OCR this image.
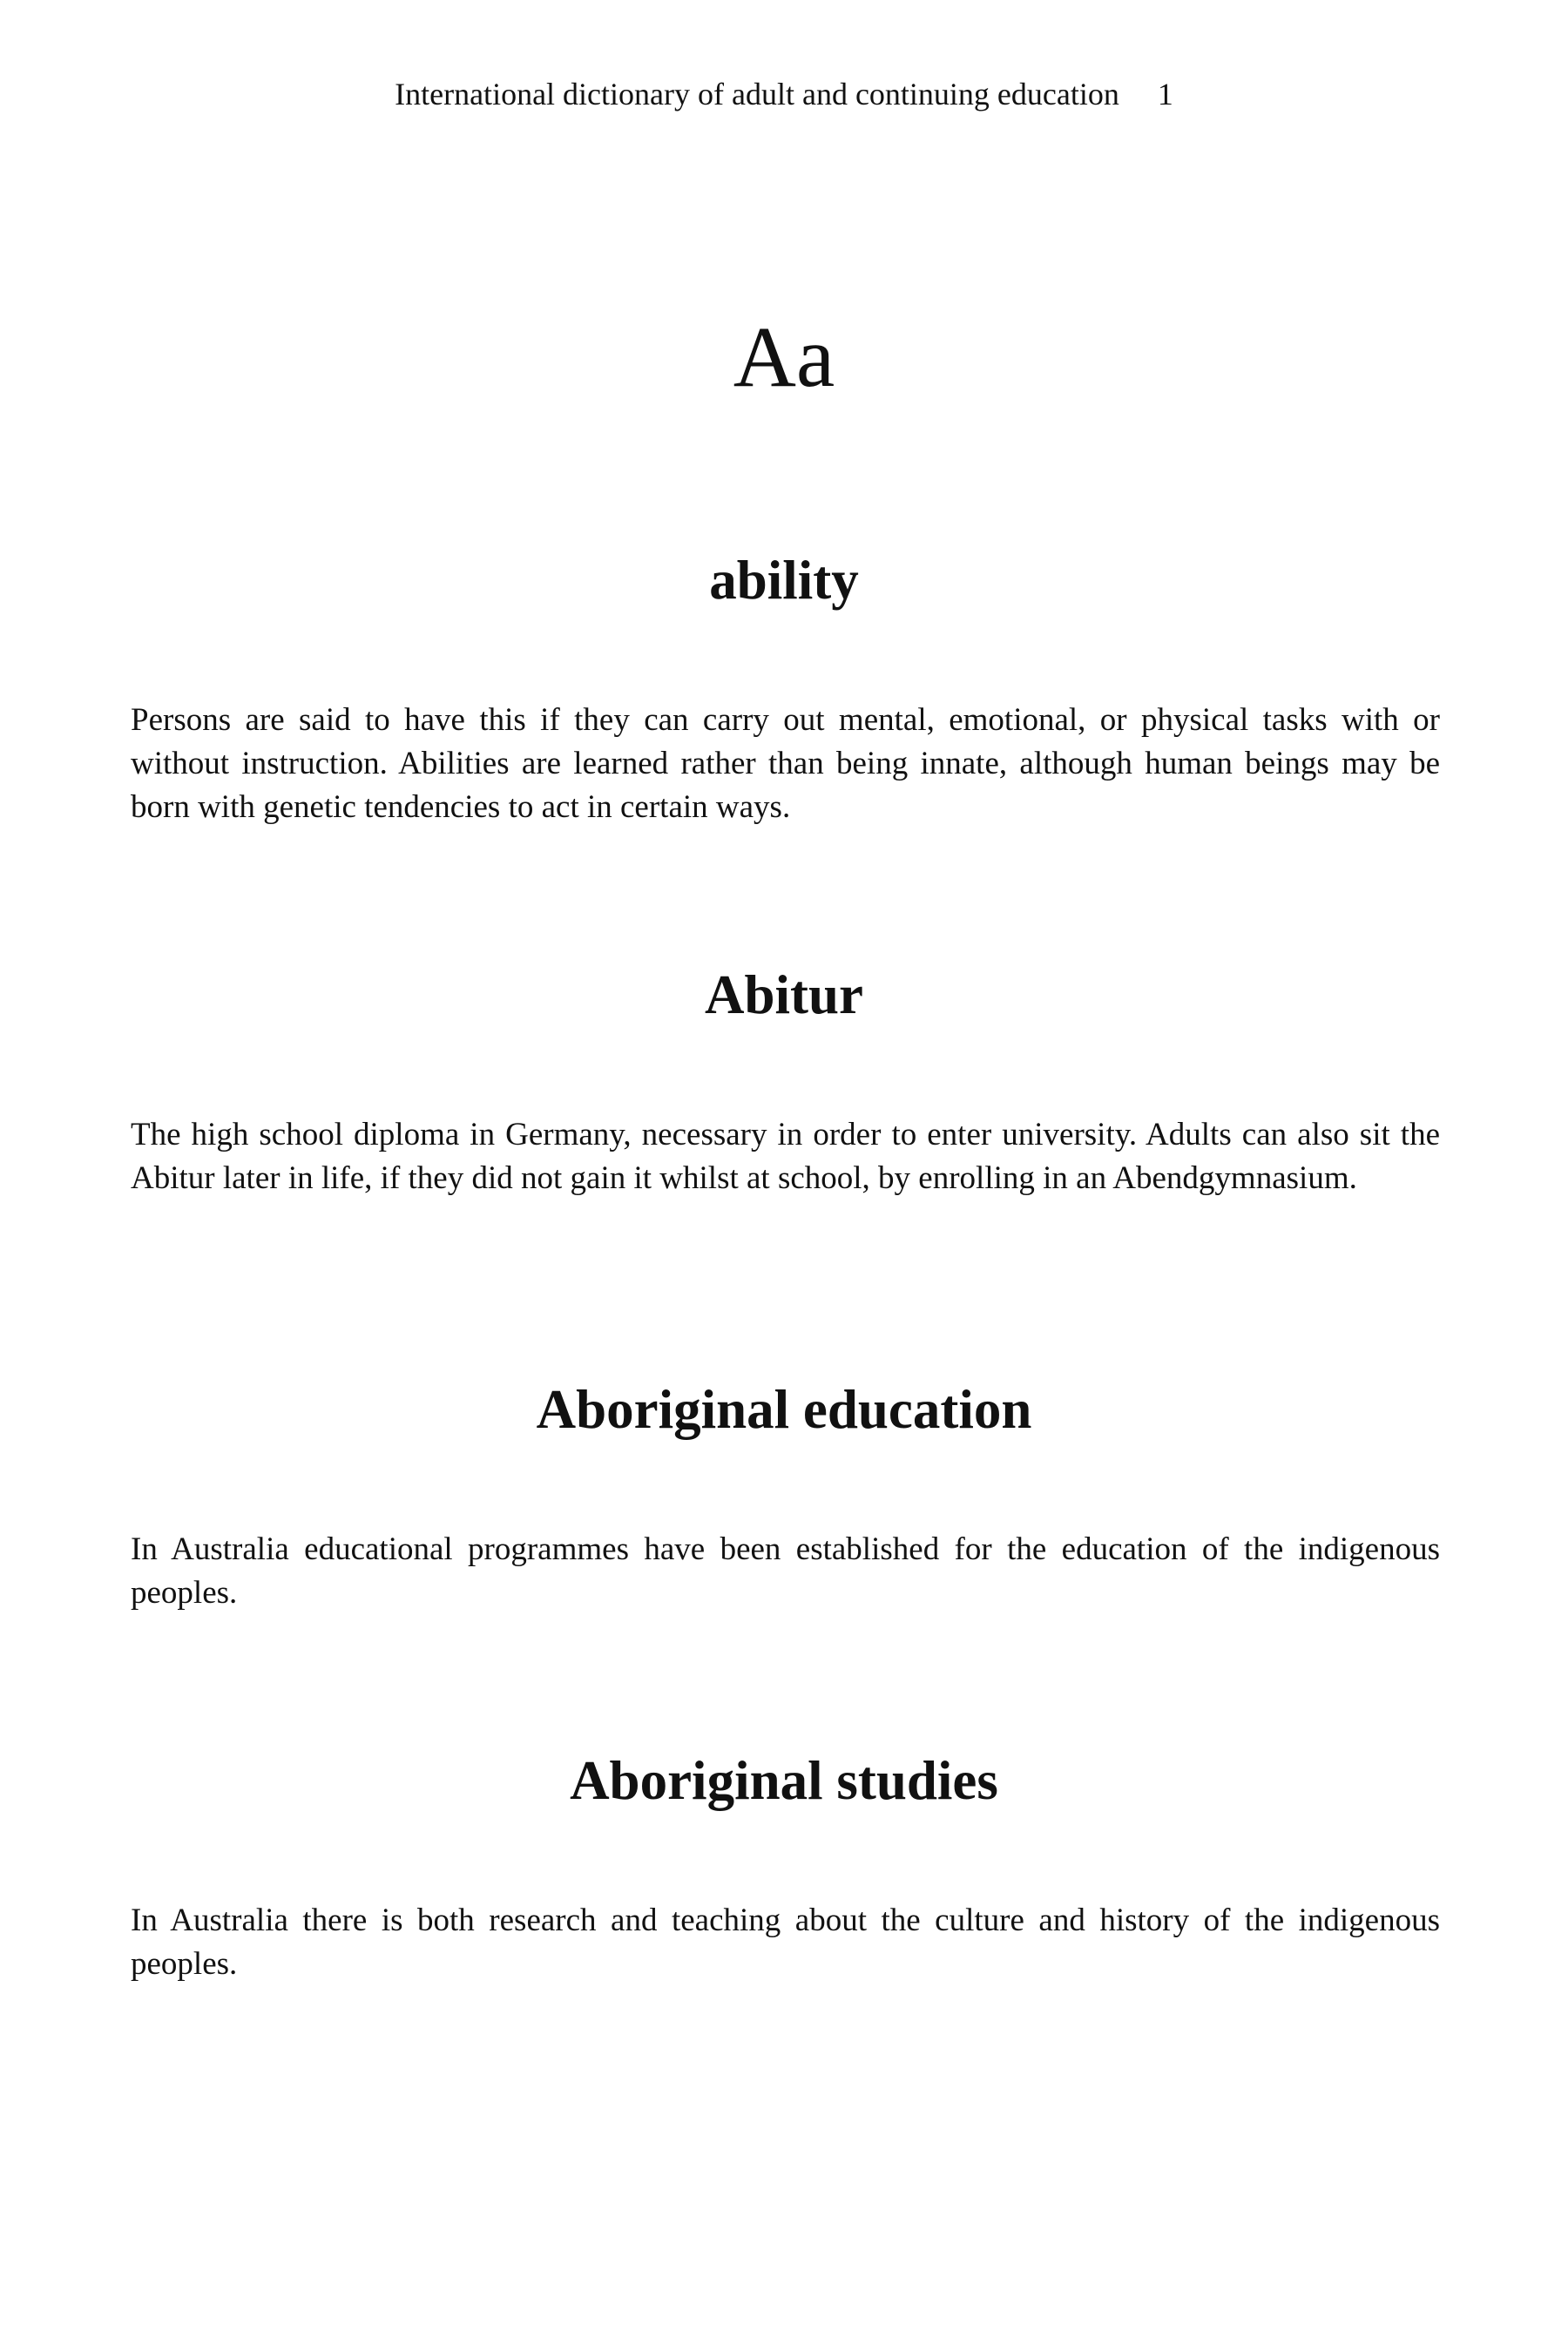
International dictionary of adult and continuing education 1
Aa
ability

Persons are said to have this if they can carry out mental, emotional, or physical tasks with or without instruction. Abilities are learned rather than being innate, although human beings may be born with genetic tendencies to act in certain ways.

Abitur

The high school diploma in Germany, necessary in order to enter university. Adults can also sit the Abitur later in life, if they did not gain it whilst at school, by enrolling in an Abendgymnasium.

Aboriginal education

In Australia educational programmes have been established for the education of the indigenous peoples.

Aboriginal studies

In Australia there is both research and teaching about the culture and history of the indigenous peoples.
